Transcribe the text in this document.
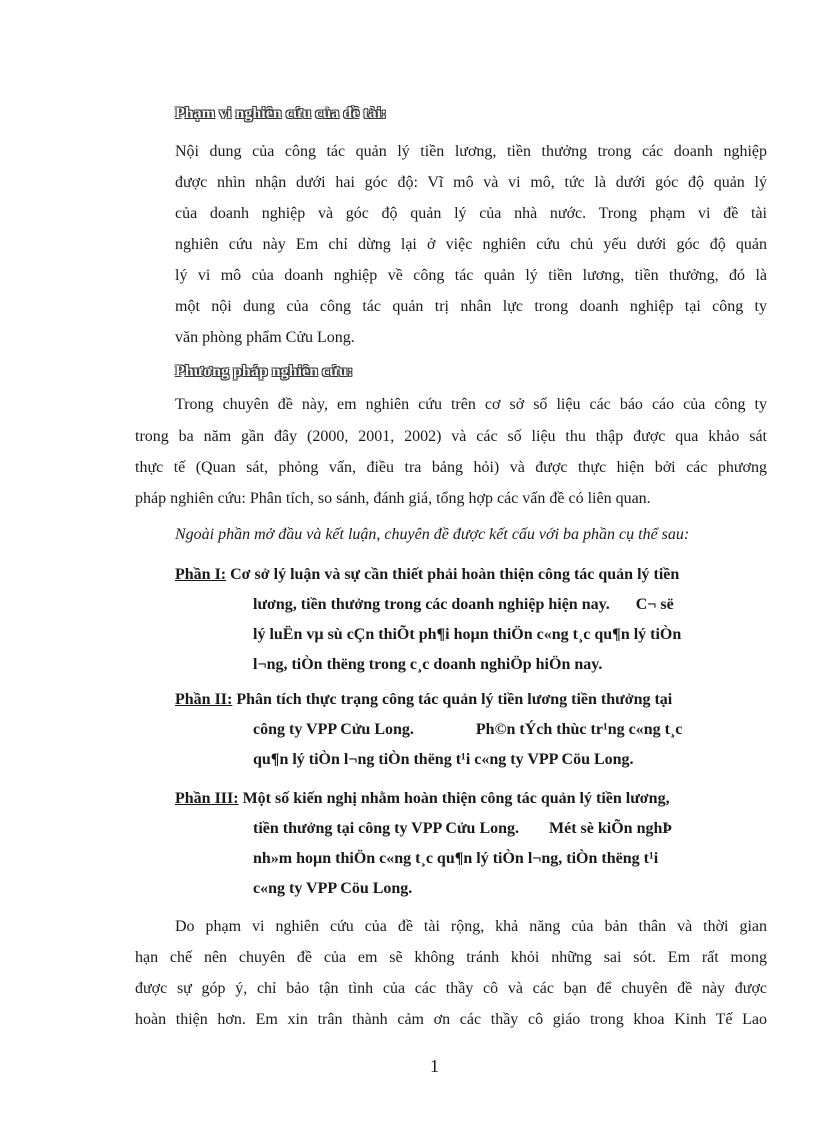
Phạm vi nghiên cứu của đề tài:
Nội dung của công tác quản lý tiền lương, tiền thưởng trong các doanh nghiệp
được nhìn nhận dưới hai góc độ: Vĩ mô và vi mô, tức là dưới góc độ quản lý
của doanh nghiệp và góc độ quản lý của nhà nước. Trong phạm vi đề tài
nghiên cứu này Em chỉ dừng lại ở việc nghiên cứu chủ yếu dưới góc độ quản
lý vi mô của doanh nghiệp về công tác quản lý tiền lương, tiền thưởng, đó là
một nội dung của công tác quản trị nhân lực trong doanh nghiệp tại công ty
văn phòng phẩm Cửu Long.
Phương pháp nghiên cứu:
Trong chuyên đề này, em nghiên cứu trên cơ sở số liệu các báo cáo của công ty
trong ba năm gần đây (2000, 2001, 2002) và các số liệu thu thập được qua khảo sát
thực tế (Quan sát, phỏng vấn, điều tra bảng hỏi) và được thực hiện bởi các phương
pháp nghiên cứu: Phân tích, so sánh, đánh giá, tổng hợp các vấn đề có liên quan.
Ngoài phần mở đầu và kết luận, chuyên đề được kết cấu với ba phần cụ thể sau:
Phần I: Cơ sở lý luận và sự cần thiết phải hoàn thiện công tác quản lý tiền
lương, tiền thưởng trong các doanh nghiệp hiện nay. C¬ së
lý luËn vµ sù cÇn thiÕt ph¶i hoµn thiÖn c«ng t¸c qu¶n lý tiÒn
l¬ng, tiÒn thëng trong c¸c doanh nghiÖp hiÖn nay.
Phần II: Phân tích thực trạng công tác quản lý tiền lương tiền thưởng tại
công ty VPP Cửu Long.	Ph©n tÝch thùc tr¹ng c«ng t¸c
qu¶n lý tiÒn l¬ng tiÒn thëng t¹i c«ng ty VPP Cöu Long.
Phần III: Một số kiến nghị nhằm hoàn thiện công tác quản lý tiền lương,
tiền thưởng tại công ty VPP Cửu Long. Mét sè kiÕn nghÞ
nh»m hoµn thiÖn c«ng t¸c qu¶n lý tiÒn l¬ng, tiÒn thëng t¹i
c«ng ty VPP Cöu Long.
Do phạm vi nghiên cứu của đề tài rộng, khả năng của bản thân và thời gian
hạn chế nên chuyên đề của em sẽ không tránh khỏi những sai sót. Em rất mong
được sự góp ý, chỉ bảo tận tình của các thầy cô và các bạn để chuyên đề này được
hoàn thiện hơn. Em xin trân thành cảm ơn các thầy cô giáo trong khoa Kinh Tế Lao
1
